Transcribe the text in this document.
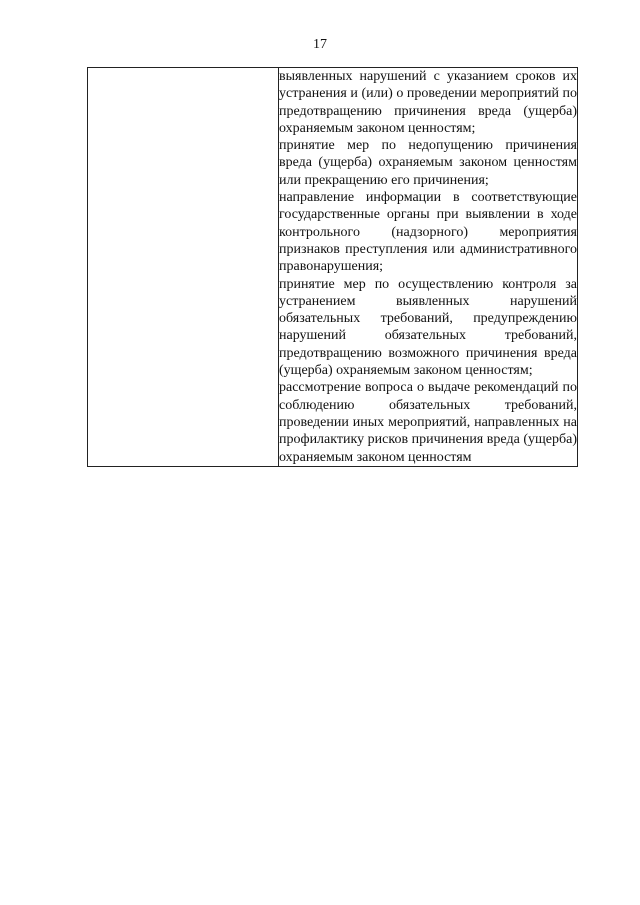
17

выявленных нарушений с указанием сроков их устранения и (или) о проведении мероприятий по предотвращению причинения вреда (ущерба) охраняемым законом ценностям;

принятие мер по недопущению причинения вреда (ущерба) охраняемым законом ценностям или прекращению его причинения;

направление информации в соответствующие государственные органы при выявлении в ходе контрольного (надзорного) мероприятия признаков преступления или административного правонарушения;

принятие мер по осуществлению контроля за устранением выявленных нарушений обязательных требований, предупреждению нарушений обязательных требований, предотвращению возможного причинения вреда (ущерба) охраняемым законом ценностям;

рассмотрение вопроса о выдаче рекомендаций по соблюдению обязательных требований, проведении иных мероприятий, направленных на профилактику рисков причинения вреда (ущерба) охраняемым законом ценностям
